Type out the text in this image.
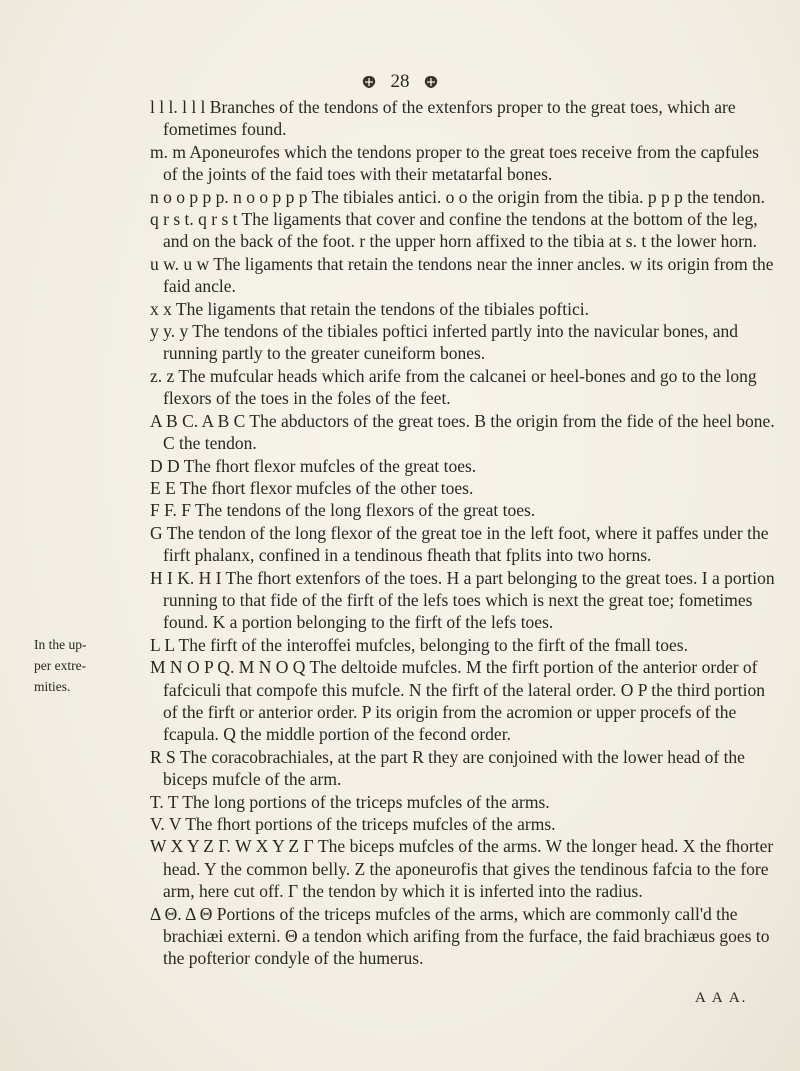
28

l l l. l l l Branches of the tendons of the extenfors proper to the great toes, which are fometimes found.

m. m Aponeurofes which the tendons proper to the great toes receive from the capfules of the joints of the faid toes with their metatarfal bones.

n o o p p p. n o o p p p The tibiales antici. o o the origin from the tibia. p p p the tendon.

q r s t. q r s t The ligaments that cover and confine the tendons at the bottom of the leg, and on the back of the foot. r the upper horn affixed to the tibia at s. t the lower horn.

u w. u w The ligaments that retain the tendons near the inner ancles. w its origin from the faid ancle.

x x The ligaments that retain the tendons of the tibiales poftici.

y y. y The tendons of the tibiales poftici inferted partly into the navicular bones, and running partly to the greater cuneiform bones.

z. z The mufcular heads which arife from the calcanei or heel-bones and go to the long flexors of the toes in the foles of the feet.

A B C. A B C The abductors of the great toes. B the origin from the fide of the heel bone. C the tendon.

D D The fhort flexor mufcles of the great toes.

E E The fhort flexor mufcles of the other toes.

F F. F The tendons of the long flexors of the great toes.

G The tendon of the long flexor of the great toe in the left foot, where it paffes under the firft phalanx, confined in a tendinous fheath that fplits into two horns.

H I K. H I The fhort extenfors of the toes. H a part belonging to the great toes. I a portion running to that fide of the firft of the lefs toes which is next the great toe; fometimes found. K a portion belonging to the firft of the lefs toes.

L L The firft of the interoffei mufcles, belonging to the firft of the fmall toes.

M N O P Q. M N O Q The deltoide mufcles. M the firft portion of the anterior order of fafciculi that compofe this mufcle. N the firft of the lateral order. O P the third portion of the firft or anterior order. P its origin from the acromion or upper procefs of the fcapula. Q the middle portion of the fecond order.

R S The coracobrachiales, at the part R they are conjoined with the lower head of the biceps mufcle of the arm.

T. T The long portions of the triceps mufcles of the arms.

V. V The fhort portions of the triceps mufcles of the arms.

W X Y Z Γ. W X Y Z Γ The biceps mufcles of the arms. W the longer head. X the fhorter head. Y the common belly. Z the aponeurofis that gives the tendinous fafcia to the fore arm, here cut off. Γ the tendon by which it is inferted into the radius.

Δ Θ. Δ Θ Portions of the triceps mufcles of the arms, which are commonly call'd the brachiæi externi. Θ a tendon which arifing from the furface, the faid brachiæus goes to the pofterior condyle of the humerus.

In the up-
per extre-
mities.
A A A.
